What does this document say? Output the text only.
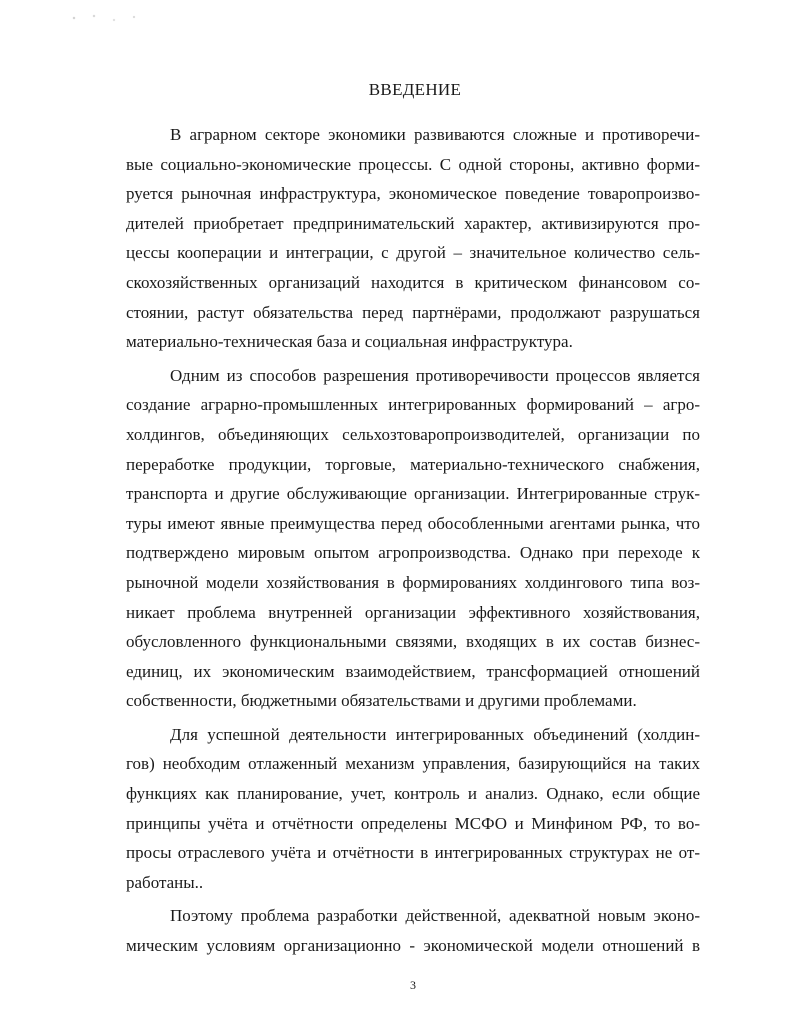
ВВЕДЕНИЕ

В аграрном секторе экономики развиваются сложные и противоречи-
вые социально-экономические процессы. С одной стороны, активно форми-
руется рыночная инфраструктура, экономическое поведение товаропроизво-
дителей приобретает предпринимательский характер, активизируются про-
цессы кооперации и интеграции, с другой – значительное количество сель-
скохозяйственных организаций находится в критическом финансовом со-
стоянии, растут обязательства перед партнёрами, продолжают разрушаться
материально-техническая база и социальная инфраструктура.

Одним из способов разрешения противоречивости процессов является
создание аграрно-промышленных интегрированных формирований – агро-
холдингов, объединяющих сельхозтоваропроизводителей, организации по
переработке продукции, торговые, материально-технического снабжения,
транспорта и другие обслуживающие организации. Интегрированные струк-
туры имеют явные преимущества перед обособленными агентами рынка, что
подтверждено мировым опытом агропроизводства. Однако при переходе к
рыночной модели хозяйствования в формированиях холдингового типа воз-
никает проблема внутренней организации эффективного хозяйствования,
обусловленного функциональными связями, входящих в их состав бизнес-
единиц, их экономическим взаимодействием, трансформацией отношений
собственности, бюджетными обязательствами и другими проблемами.

Для успешной деятельности интегрированных объединений (холдин-
гов) необходим отлаженный механизм управления, базирующийся на таких
функциях как планирование, учет, контроль и анализ. Однако, если общие
принципы учёта и отчётности определены МСФО и Минфином РФ, то во-
просы отраслевого учёта и отчётности в интегрированных структурах не от-
работаны..

Поэтому проблема разработки действенной, адекватной новым эконо-
мическим условиям организационно - экономической модели отношений в

3
